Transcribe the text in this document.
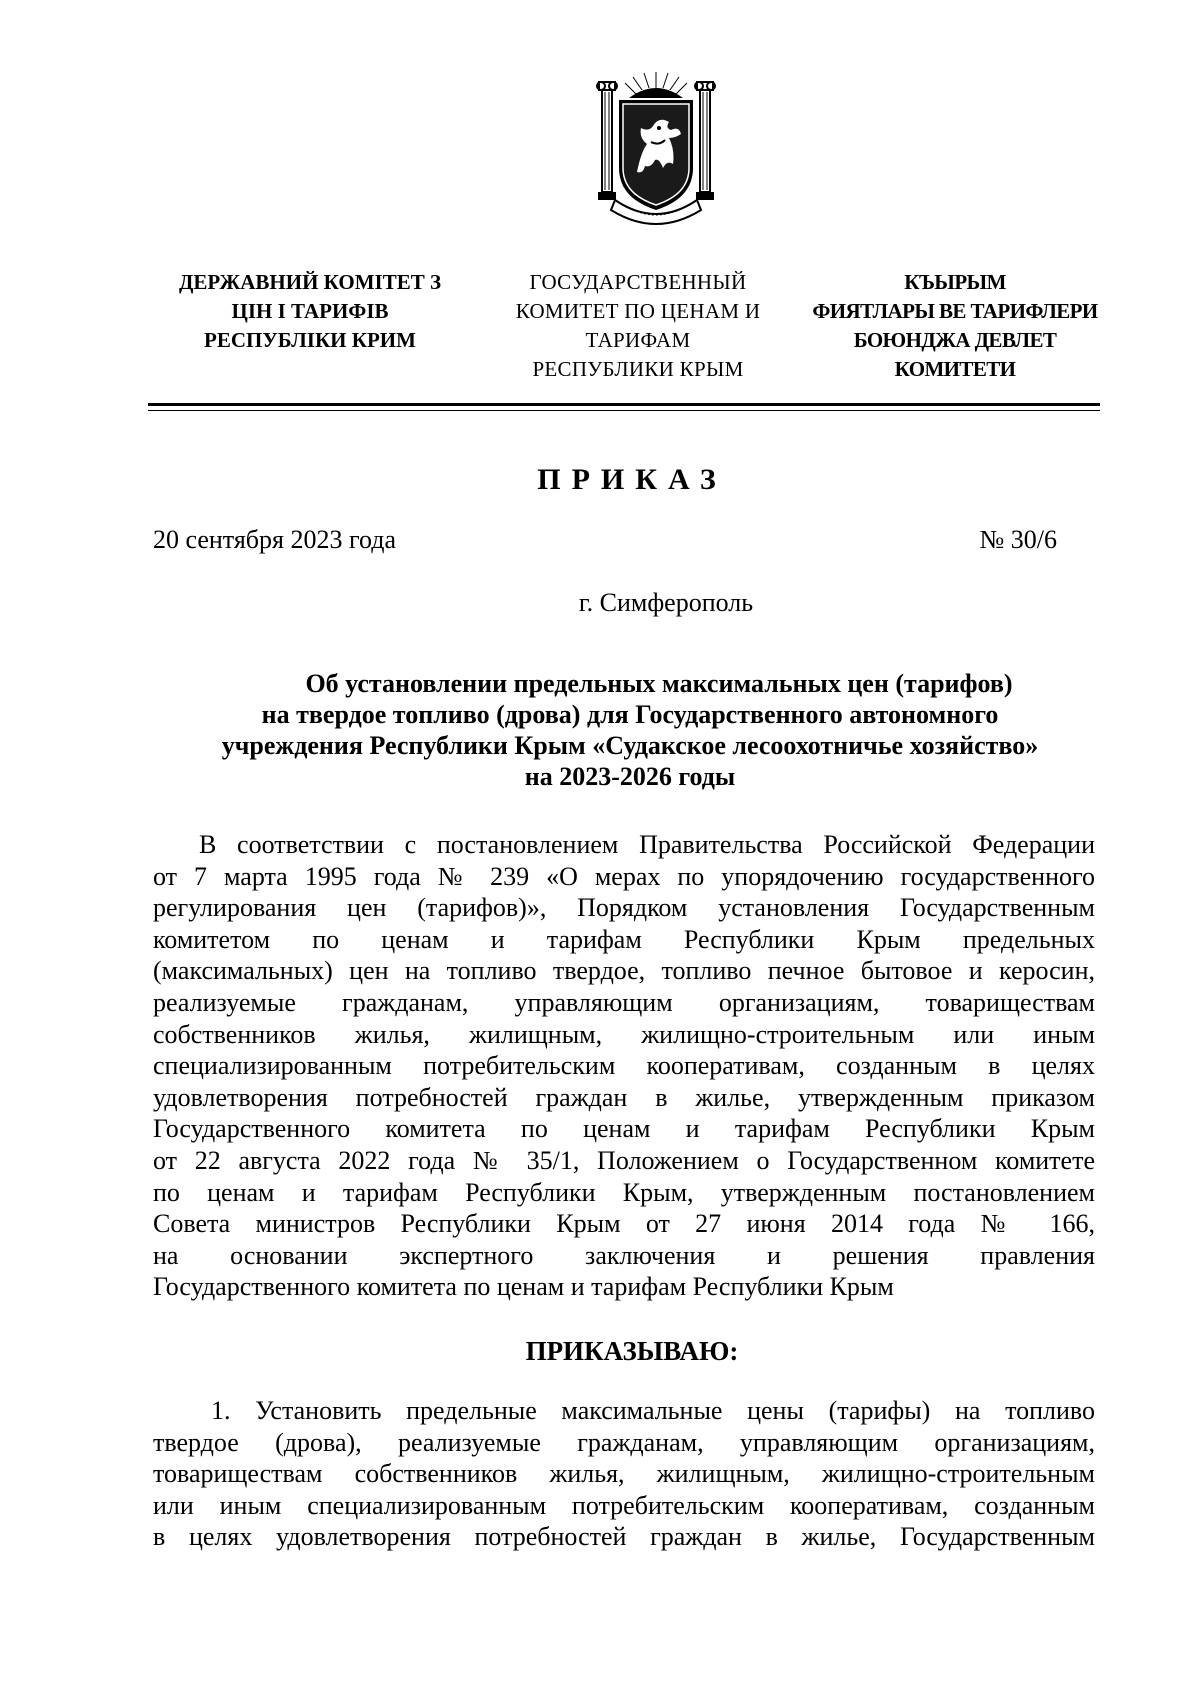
ДЕРЖАВНИЙ КОМІТЕТ З
ЦІН І ТАРИФІВ
РЕСПУБЛІКИ КРИМ
ГОСУДАРСТВЕННЫЙ
КОМИТЕТ ПО ЦЕНАМ И
ТАРИФАМ
РЕСПУБЛИКИ КРЫМ
КЪЫРЫМ
ФИЯТЛАРЫ ВЕ ТАРИФЛЕРИ
БОЮНДЖА ДЕВЛЕТ
КОМИТЕТИ
ПРИКАЗ
20 сентября 2023 года	№ 30/6
г. Симферополь
Об установлении предельных максимальных цен (тарифов)
на твердое топливо (дрова) для Государственного автономного
учреждения Республики Крым «Судакское лесоохотничье хозяйство»
на 2023-2026 годы
В соответствии с постановлением Правительства Российской Федерации
от 7 марта 1995 года № 239 «О мерах по упорядочению государственного
регулирования цен (тарифов)», Порядком установления Государственным
комитетом по ценам и тарифам Республики Крым предельных
(максимальных) цен на топливо твердое, топливо печное бытовое и керосин,
реализуемые гражданам, управляющим организациям, товариществам
собственников жилья, жилищным, жилищно-строительным или иным
специализированным потребительским кооперативам, созданным в целях
удовлетворения потребностей граждан в жилье, утвержденным приказом
Государственного комитета по ценам и тарифам Республики Крым
от 22 августа 2022 года № 35/1, Положением о Государственном комитете
по ценам и тарифам Республики Крым, утвержденным постановлением
Совета министров Республики Крым от 27 июня 2014 года № 166,
на основании экспертного заключения и решения правления
Государственного комитета по ценам и тарифам Республики Крым
ПРИКАЗЫВАЮ:
1. Установить предельные максимальные цены (тарифы) на топливо
твердое (дрова), реализуемые гражданам, управляющим организациям,
товариществам собственников жилья, жилищным, жилищно-строительным
или иным специализированным потребительским кооперативам, созданным
в целях удовлетворения потребностей граждан в жилье, Государственным
